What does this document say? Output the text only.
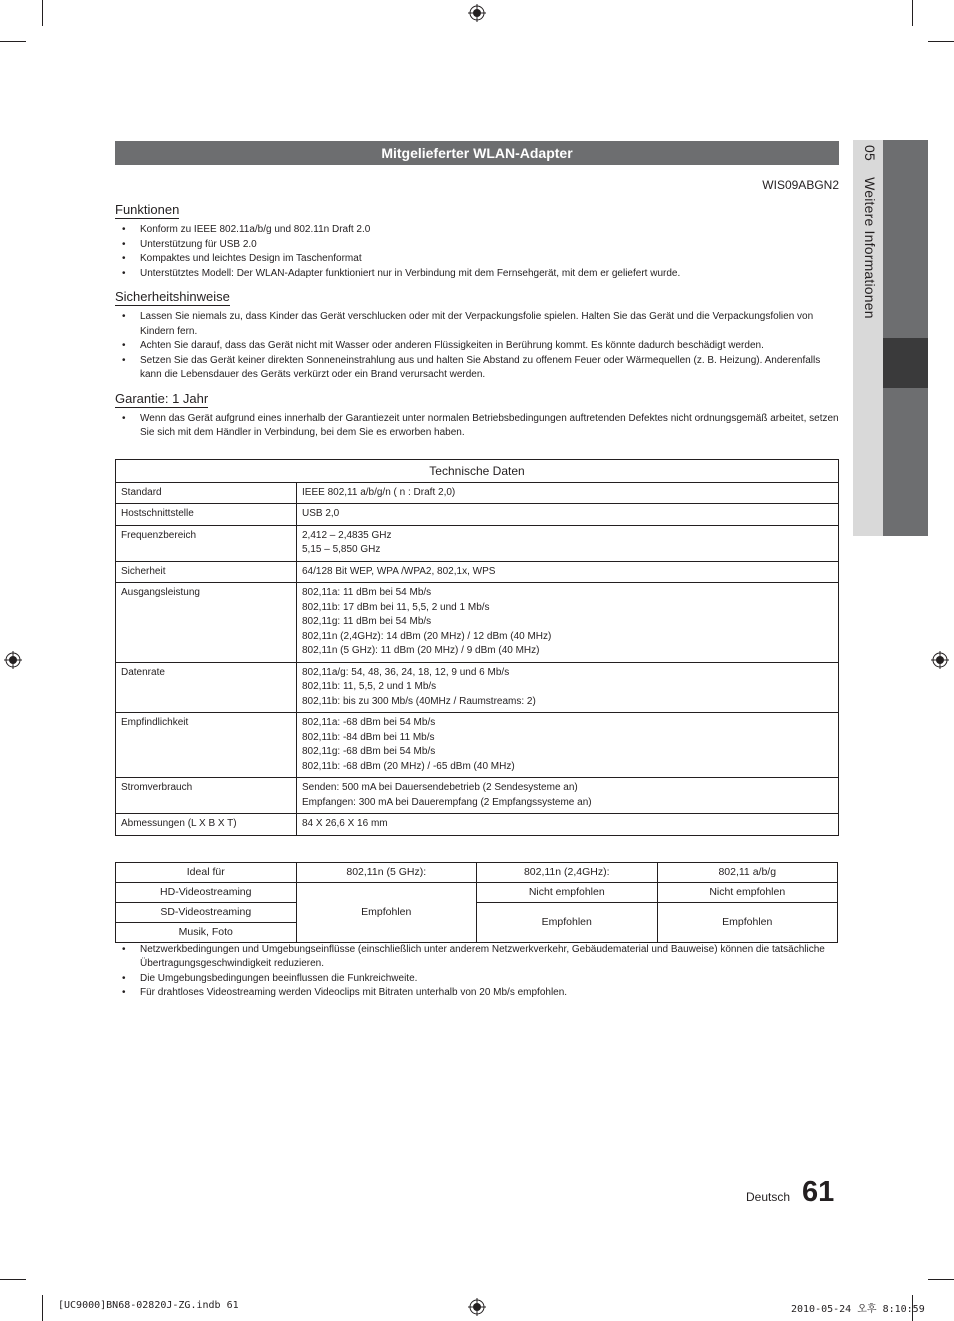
05 Weitere Informationen
Mitgelieferter WLAN-Adapter
WIS09ABGN2
Funktionen
• Konform zu IEEE 802.11a/b/g und 802.11n Draft 2.0
• Unterstützung für USB 2.0
• Kompaktes und leichtes Design im Taschenformat
• Unterstütztes Modell: Der WLAN-Adapter funktioniert nur in Verbindung mit dem Fernsehgerät, mit dem er geliefert wurde.
Sicherheitshinweise
• Lassen Sie niemals zu, dass Kinder das Gerät verschlucken oder mit der Verpackungsfolie spielen. Halten Sie das Gerät und die Verpackungsfolien von Kindern fern.
• Achten Sie darauf, dass das Gerät nicht mit Wasser oder anderen Flüssigkeiten in Berührung kommt. Es könnte dadurch beschädigt werden.
• Setzen Sie das Gerät keiner direkten Sonneneinstrahlung aus und halten Sie Abstand zu offenem Feuer oder Wärmequellen (z. B. Heizung). Anderenfalls kann die Lebensdauer des Geräts verkürzt oder ein Brand verursacht werden.
Garantie: 1 Jahr
• Wenn das Gerät aufgrund eines innerhalb der Garantiezeit unter normalen Betriebsbedingungen auftretenden Defektes nicht ordnungsgemäß arbeitet, setzen Sie sich mit dem Händler in Verbindung, bei dem Sie es erworben haben.
Technische Daten	
Standard	IEEE 802,11 a/b/g/n ( n : Draft 2,0)
Hostschnittstelle	USB 2,0
Frequenzbereich	2,412 – 2,4835 GHz
5,15 – 5,850 GHz
Sicherheit	64/128 Bit WEP, WPA /WPA2, 802,1x, WPS
Ausgangsleistung	802,11a: 11 dBm bei 54 Mb/s
802,11b: 17 dBm bei 11, 5,5, 2 und 1 Mb/s
802,11g: 11 dBm bei 54 Mb/s
802,11n (2,4GHz): 14 dBm (20 MHz) / 12 dBm (40 MHz)
802,11n (5 GHz): 11 dBm (20 MHz) / 9 dBm (40 MHz)
Datenrate	802,11a/g: 54, 48, 36, 24, 18, 12, 9 und 6 Mb/s
802,11b: 11, 5,5, 2 und 1 Mb/s
802,11b: bis zu 300 Mb/s (40MHz / Raumstreams: 2)
Empfindlichkeit	802,11a: -68 dBm bei 54 Mb/s
802,11b: -84 dBm bei 11 Mb/s
802,11g: -68 dBm bei 54 Mb/s
802,11b: -68 dBm (20 MHz) / -65 dBm (40 MHz)
Stromverbrauch	Senden: 500 mA bei Dauersendebetrieb (2 Sendesysteme an)
Empfangen: 300 mA bei Dauerempfang (2 Empfangssysteme an)
Abmessungen (L X B X T)	84 X 26,6 X 16 mm
Ideal für	802,11n (5 GHz):	802,11n (2,4GHz):	802,11 a/b/g
HD-Videostreaming	Empfohlen	Nicht empfohlen	Nicht empfohlen
SD-Videostreaming		Empfohlen	Empfohlen
Musik, Foto			
• Netzwerkbedingungen und Umgebungseinflüsse (einschließlich unter anderem Netzwerkverkehr, Gebäudematerial und Bauweise) können die tatsächliche Übertragungsgeschwindigkeit reduzieren.
• Die Umgebungsbedingungen beeinflussen die Funkreichweite.
• Für drahtloses Videostreaming werden Videoclips mit Bitraten unterhalb von 20 Mb/s empfohlen.
Deutsch 61
[UC9000]BN68-02820J-ZG.indb 61	2010-05-24 오후 8:10:59
